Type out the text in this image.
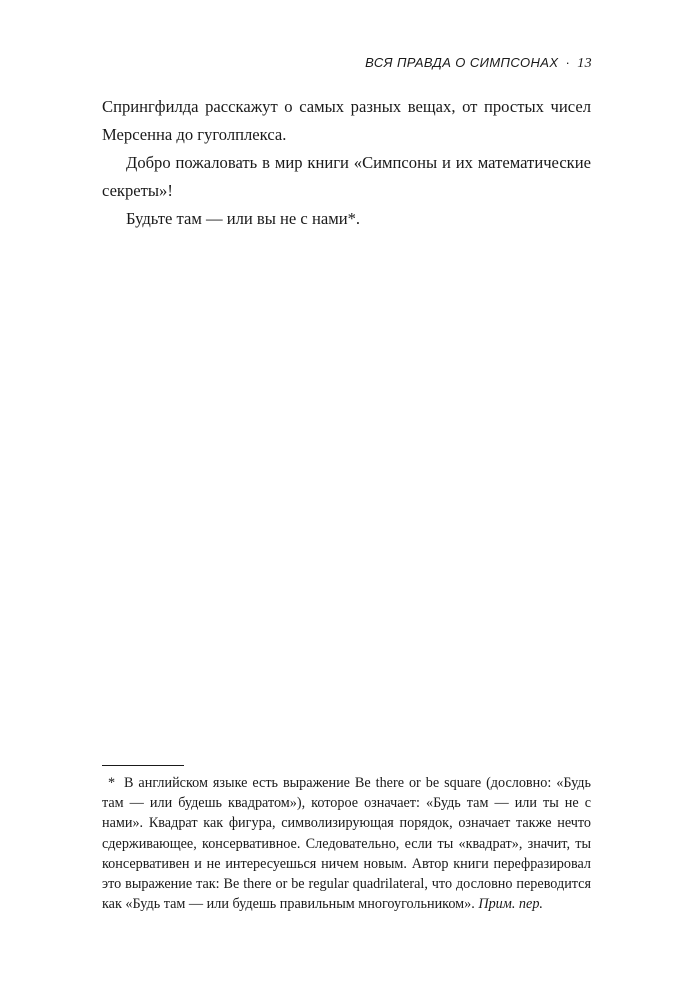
ВСЯ ПРАВДА О СИМПСОНАХ · 13

Спрингфилда расскажут о самых разных вещах, от простых чисел Мерсенна до гуголплекса.

Добро пожаловать в мир книги «Симпсоны и их математические секреты»!

Будьте там — или вы не с нами*.

* В английском языке есть выражение Be there or be square (дословно: «Будь там — или будешь квадратом»), которое означает: «Будь там — или ты не с нами». Квадрат как фигура, символизирующая порядок, означает также нечто сдерживающее, консервативное. Следовательно, если ты «квадрат», значит, ты консервативен и не интересуешься ничем новым. Автор книги перефразировал это выражение так: Be there or be regular quadrilateral, что дословно переводится как «Будь там — или будешь правильным многоугольником». Прим. пер.
